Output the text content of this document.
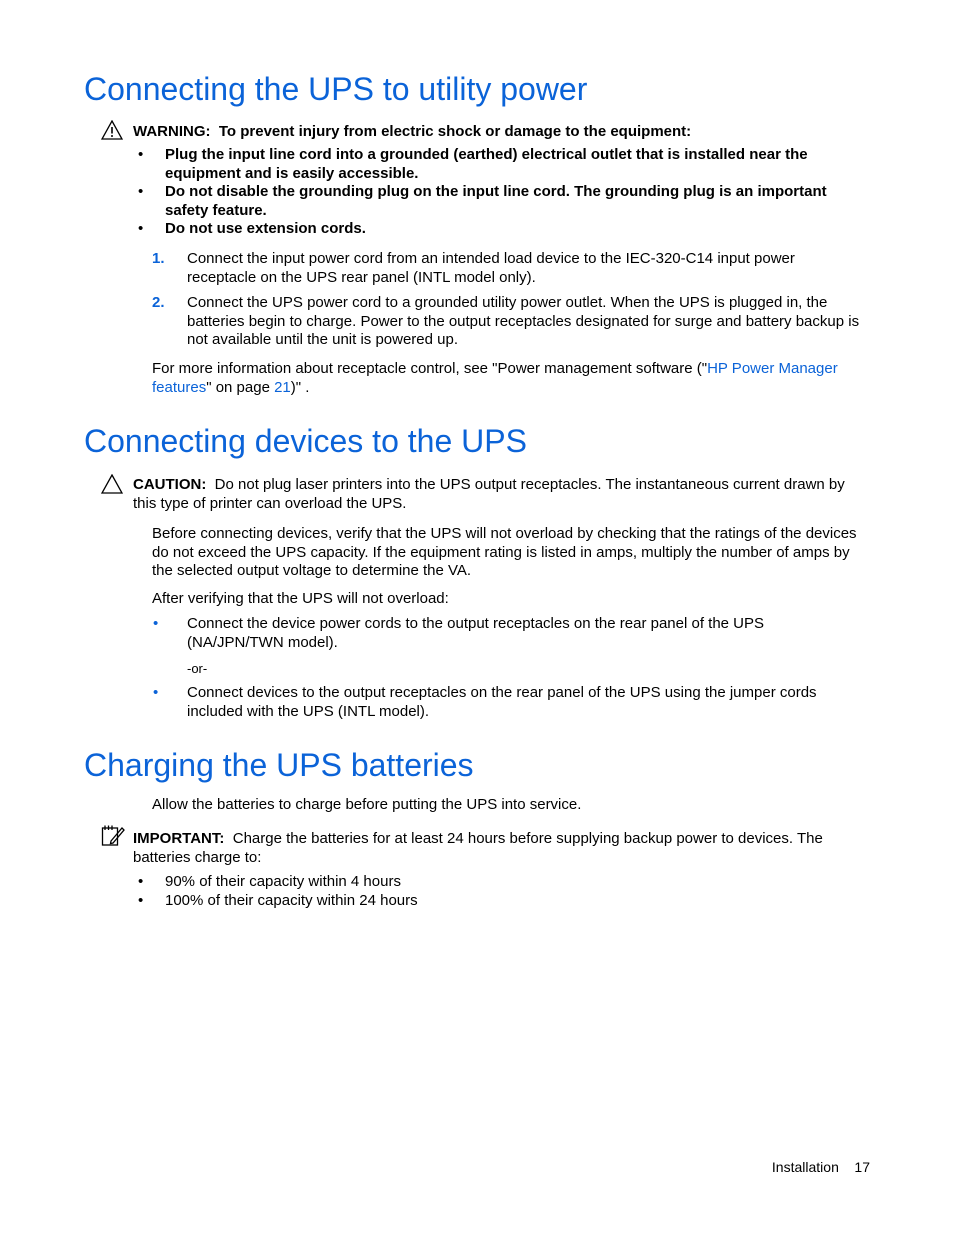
Connecting the UPS to utility power
WARNING: To prevent injury from electric shock or damage to the equipment:
• Plug the input line cord into a grounded (earthed) electrical outlet that is installed near the equipment and is easily accessible.
• Do not disable the grounding plug on the input line cord. The grounding plug is an important safety feature.
• Do not use extension cords.
1. Connect the input power cord from an intended load device to the IEC-320-C14 input power receptacle on the UPS rear panel (INTL model only).
2. Connect the UPS power cord to a grounded utility power outlet. When the UPS is plugged in, the batteries begin to charge. Power to the output receptacles designated for surge and battery backup is not available until the unit is powered up.
For more information about receptacle control, see "Power management software ("HP Power Manager features" on page 21)" .
Connecting devices to the UPS
CAUTION: Do not plug laser printers into the UPS output receptacles. The instantaneous current drawn by this type of printer can overload the UPS.
Before connecting devices, verify that the UPS will not overload by checking that the ratings of the devices do not exceed the UPS capacity. If the equipment rating is listed in amps, multiply the number of amps by the selected output voltage to determine the VA.
After verifying that the UPS will not overload:
• Connect the device power cords to the output receptacles on the rear panel of the UPS (NA/JPN/TWN model).
-or-
• Connect devices to the output receptacles on the rear panel of the UPS using the jumper cords included with the UPS (INTL model).
Charging the UPS batteries
Allow the batteries to charge before putting the UPS into service.
IMPORTANT: Charge the batteries for at least 24 hours before supplying backup power to devices. The batteries charge to:
• 90% of their capacity within 4 hours
• 100% of their capacity within 24 hours
Installation 17
